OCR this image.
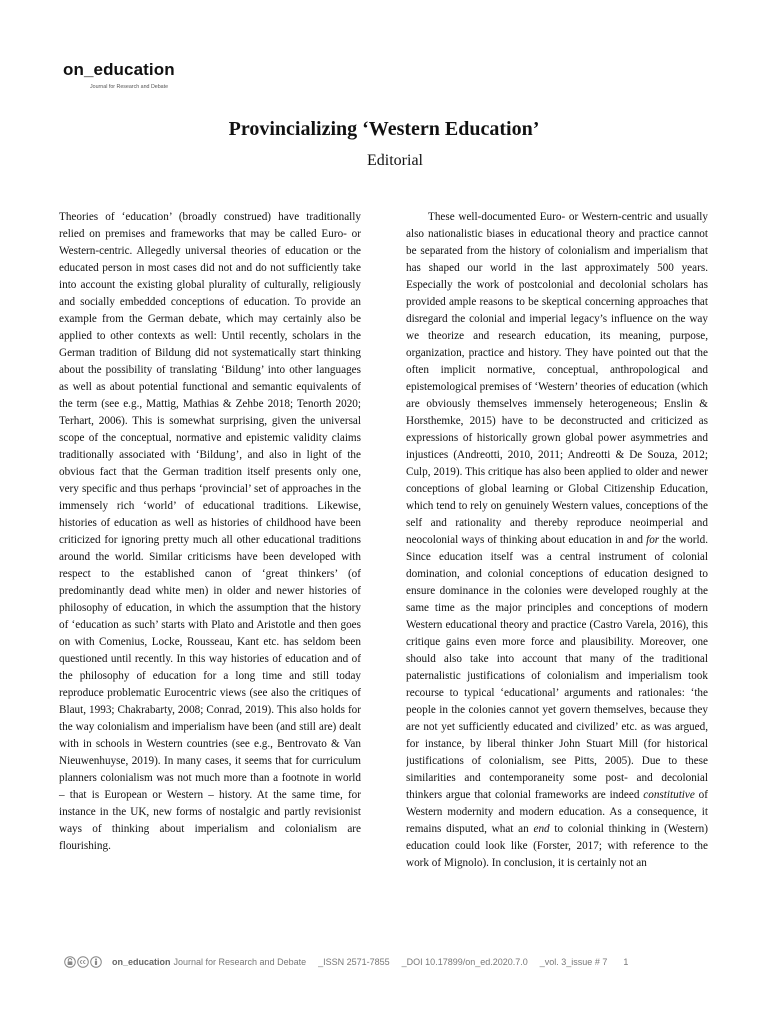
on_education
Journal for Research and Debate
Provincializing ‘Western Education’
Editorial

Theories of ‘education’ (broadly construed) have traditionally relied on premises and frameworks that may be called Euro- or Western-centric. Allegedly universal theories of education or the educated person in most cases did not and do not sufficiently take into account the existing global plurality of culturally, religiously and socially embedded conceptions of education. To provide an example from the German debate, which may certainly also be applied to other contexts as well: Until recently, scholars in the German tradition of Bildung did not systematically start thinking about the possibility of translating ‘Bildung’ into other languages as well as about potential functional and semantic equivalents of the term (see e.g., Mattig, Mathias & Zehbe 2018; Tenorth 2020; Terhart, 2006). This is somewhat surprising, given the universal scope of the conceptual, normative and epistemic validity claims traditionally associated with ‘Bildung’, and also in light of the obvious fact that the German tradition itself presents only one, very specific and thus perhaps ‘provincial’ set of approaches in the immensely rich ‘world’ of educational traditions. Likewise, histories of education as well as histories of childhood have been criticized for ignoring pretty much all other educational traditions around the world. Similar criticisms have been developed with respect to the established canon of ‘great thinkers’ (of predominantly dead white men) in older and newer histories of philosophy of education, in which the assumption that the history of ‘education as such’ starts with Plato and Aristotle and then goes on with Comenius, Locke, Rousseau, Kant etc. has seldom been questioned until recently. In this way histories of education and of the philosophy of education for a long time and still today reproduce problematic Eurocentric views (see also the critiques of Blaut, 1993; Chakrabarty, 2008; Conrad, 2019). This also holds for the way colonialism and imperialism have been (and still are) dealt with in schools in Western countries (see e.g., Bentrovato & Van Nieuwenhuyse, 2019). In many cases, it seems that for curriculum planners colonialism was not much more than a footnote in world – that is European or Western – history. At the same time, for instance in the UK, new forms of nostalgic and partly revisionist ways of thinking about imperialism and colonialism are flourishing.

These well-documented Euro- or Western-centric and usually also nationalistic biases in educational theory and practice cannot be separated from the history of colonialism and imperialism that has shaped our world in the last approximately 500 years. Especially the work of postcolonial and decolonial scholars has provided ample reasons to be skeptical concerning approaches that disregard the colonial and imperial legacy’s influence on the way we theorize and research education, its meaning, purpose, organization, practice and history. They have pointed out that the often implicit normative, conceptual, anthropological and epistemological premises of ‘Western’ theories of education (which are obviously themselves immensely heterogeneous; Enslin & Horsthemke, 2015) have to be deconstructed and criticized as expressions of historically grown global power asymmetries and injustices (Andreotti, 2010, 2011; Andreotti & De Souza, 2012; Culp, 2019). This critique has also been applied to older and newer conceptions of global learning or Global Citizenship Education, which tend to rely on genuinely Western values, conceptions of the self and rationality and thereby reproduce neoimperial and neocolonial ways of thinking about education in and for the world. Since education itself was a central instrument of colonial domination, and colonial conceptions of education designed to ensure dominance in the colonies were developed roughly at the same time as the major principles and conceptions of modern Western educational theory and practice (Castro Varela, 2016), this critique gains even more force and plausibility. Moreover, one should also take into account that many of the traditional paternalistic justifications of colonialism and imperialism took recourse to typical ‘educational’ arguments and rationales: ‘the people in the colonies cannot yet govern themselves, because they are not yet sufficiently educated and civilized’ etc. as was argued, for instance, by liberal thinker John Stuart Mill (for historical justifications of colonialism, see Pitts, 2005). Due to these similarities and contemporaneity some post- and decolonial thinkers argue that colonial frameworks are indeed constitutive of Western modernity and modern education. As a consequence, it remains disputed, what an end to colonial thinking in (Western) education could look like (Forster, 2017; with reference to the work of Mignolo). In conclusion, it is certainly not an

on_education Journal for Research and Debate _ISSN 2571-7855 _DOI 10.17899/on_ed.2020.7.0 _vol. 3_issue # 7 1
